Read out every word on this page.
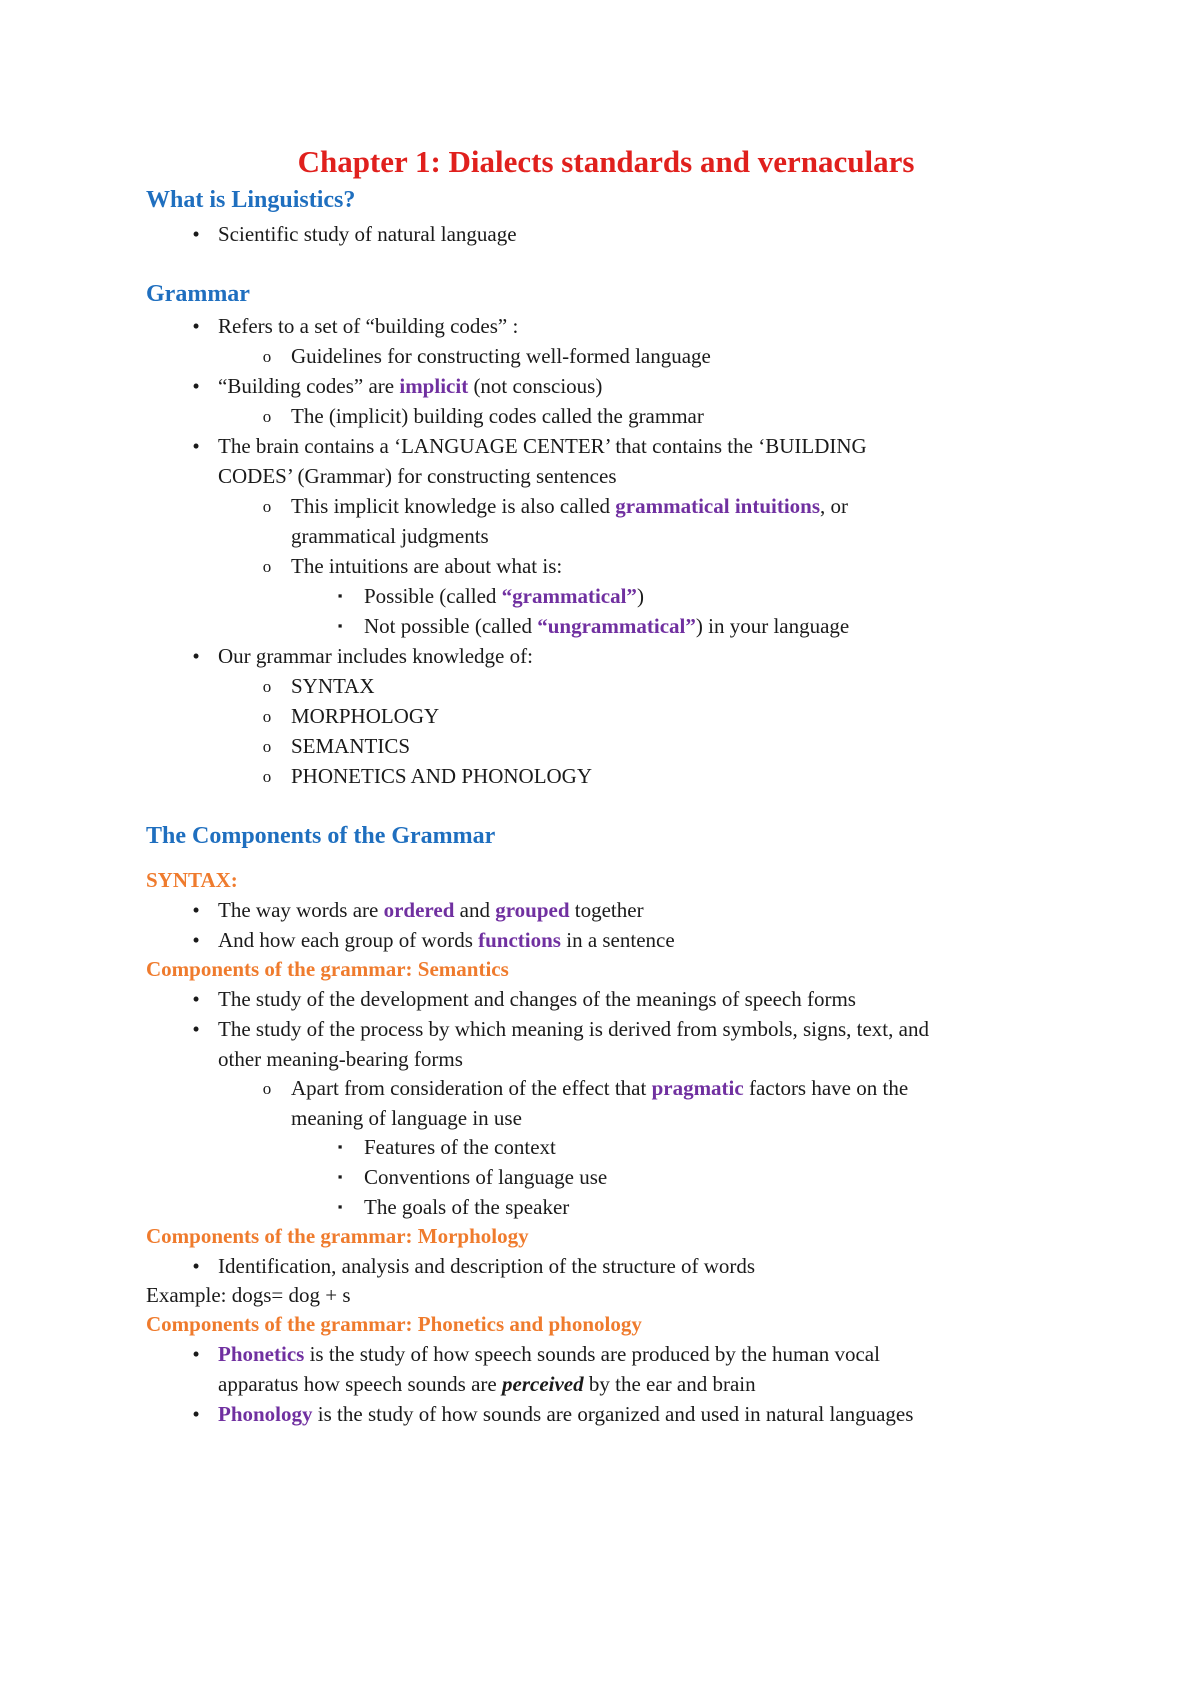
Chapter 1: Dialects standards and vernaculars
What is Linguistics?
• Scientific study of natural language
Grammar
• Refers to a set of “building codes” :
o Guidelines for constructing well-formed language
• “Building codes” are implicit (not conscious)
o The (implicit) building codes called the grammar
• The brain contains a ‘LANGUAGE CENTER’ that contains the ‘BUILDING
CODES’ (Grammar) for constructing sentences
o This implicit knowledge is also called grammatical intuitions, or
grammatical judgments
o The intuitions are about what is:
▪ Possible (called “grammatical”)
▪ Not possible (called “ungrammatical”) in your language
• Our grammar includes knowledge of:
o SYNTAX
o MORPHOLOGY
o SEMANTICS
o PHONETICS AND PHONOLOGY
The Components of the Grammar
SYNTAX:
• The way words are ordered and grouped together
• And how each group of words functions in a sentence
Components of the grammar: Semantics
• The study of the development and changes of the meanings of speech forms
• The study of the process by which meaning is derived from symbols, signs, text, and
other meaning-bearing forms
o Apart from consideration of the effect that pragmatic factors have on the
meaning of language in use
▪ Features of the context
▪ Conventions of language use
▪ The goals of the speaker
Components of the grammar: Morphology
• Identification, analysis and description of the structure of words
Example: dogs= dog + s
Components of the grammar: Phonetics and phonology
• Phonetics is the study of how speech sounds are produced by the human vocal
apparatus how speech sounds are perceived by the ear and brain
• Phonology is the study of how sounds are organized and used in natural languages
